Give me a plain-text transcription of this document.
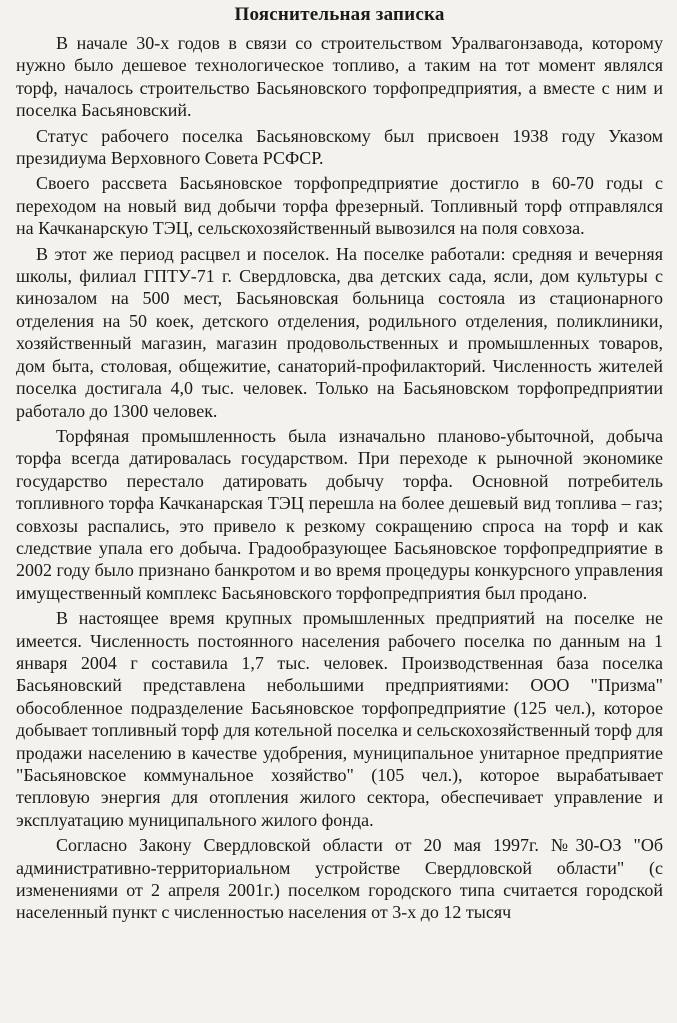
Пояснительная записка

В начале 30-х годов в связи со строительством Уралвагонзавода, которому нужно было дешевое технологическое топливо, а таким на тот момент являлся торф, началось строительство Басьяновского торфопредприятия, а вместе с ним и поселка Басьяновский.

Статус рабочего поселка Басьяновскому был присвоен 1938 году Указом президиума Верховного Совета РСФСР.

Своего рассвета Басьяновское торфопредприятие достигло в 60-70 годы с переходом на новый вид добычи торфа фрезерный. Топливный торф отправлялся на Качканарскую ТЭЦ, сельскохозяйственный вывозился на поля совхоза.

В этот же период расцвел и поселок. На поселке работали: средняя и вечерняя школы, филиал ГПТУ-71 г. Свердловска, два детских сада, ясли, дом культуры с кинозалом на 500 мест, Басьяновская больница состояла из стационарного отделения на 50 коек, детского отделения, родильного отделения, поликлиники, хозяйственный магазин, магазин продовольственных и промышленных товаров, дом быта, столовая, общежитие, санаторий-профилакторий. Численность жителей поселка достигала 4,0 тыс. человек. Только на Басьяновском торфопредприятии работало до 1300 человек.

Торфяная промышленность была изначально планово-убыточной, добыча торфа всегда датировалась государством. При переходе к рыночной экономике государство перестало датировать добычу торфа. Основной потребитель топливного торфа Качканарская ТЭЦ перешла на более дешевый вид топлива – газ; совхозы распались, это привело к резкому сокращению спроса на торф и как следствие упала его добыча. Градообразующее Басьяновское торфопредприятие в 2002 году было признано банкротом и во время процедуры конкурсного управления имущественный комплекс Басьяновского торфопредприятия был продано.

В настоящее время крупных промышленных предприятий на поселке не имеется. Численность постоянного населения рабочего поселка по данным на 1 января 2004 г составила 1,7 тыс. человек. Производственная база поселка Басьяновский представлена небольшими предприятиями: ООО "Призма" обособленное подразделение Басьяновское торфопредприятие (125 чел.), которое добывает топливный торф для котельной поселка и сельскохозяйственный торф для продажи населению в качестве удобрения, муниципальное унитарное предприятие "Басьяновское коммунальное хозяйство" (105 чел.), которое вырабатывает тепловую энергия для отопления жилого сектора, обеспечивает управление и эксплуатацию муниципального жилого фонда.

Согласно Закону Свердловской области от 20 мая 1997г. №30-ОЗ "Об административно-территориальном устройстве Свердловской области" (с изменениями от 2 апреля 2001г.) поселком городского типа считается городской населенный пункт с численностью населения от 3-х до 12 тысяч
